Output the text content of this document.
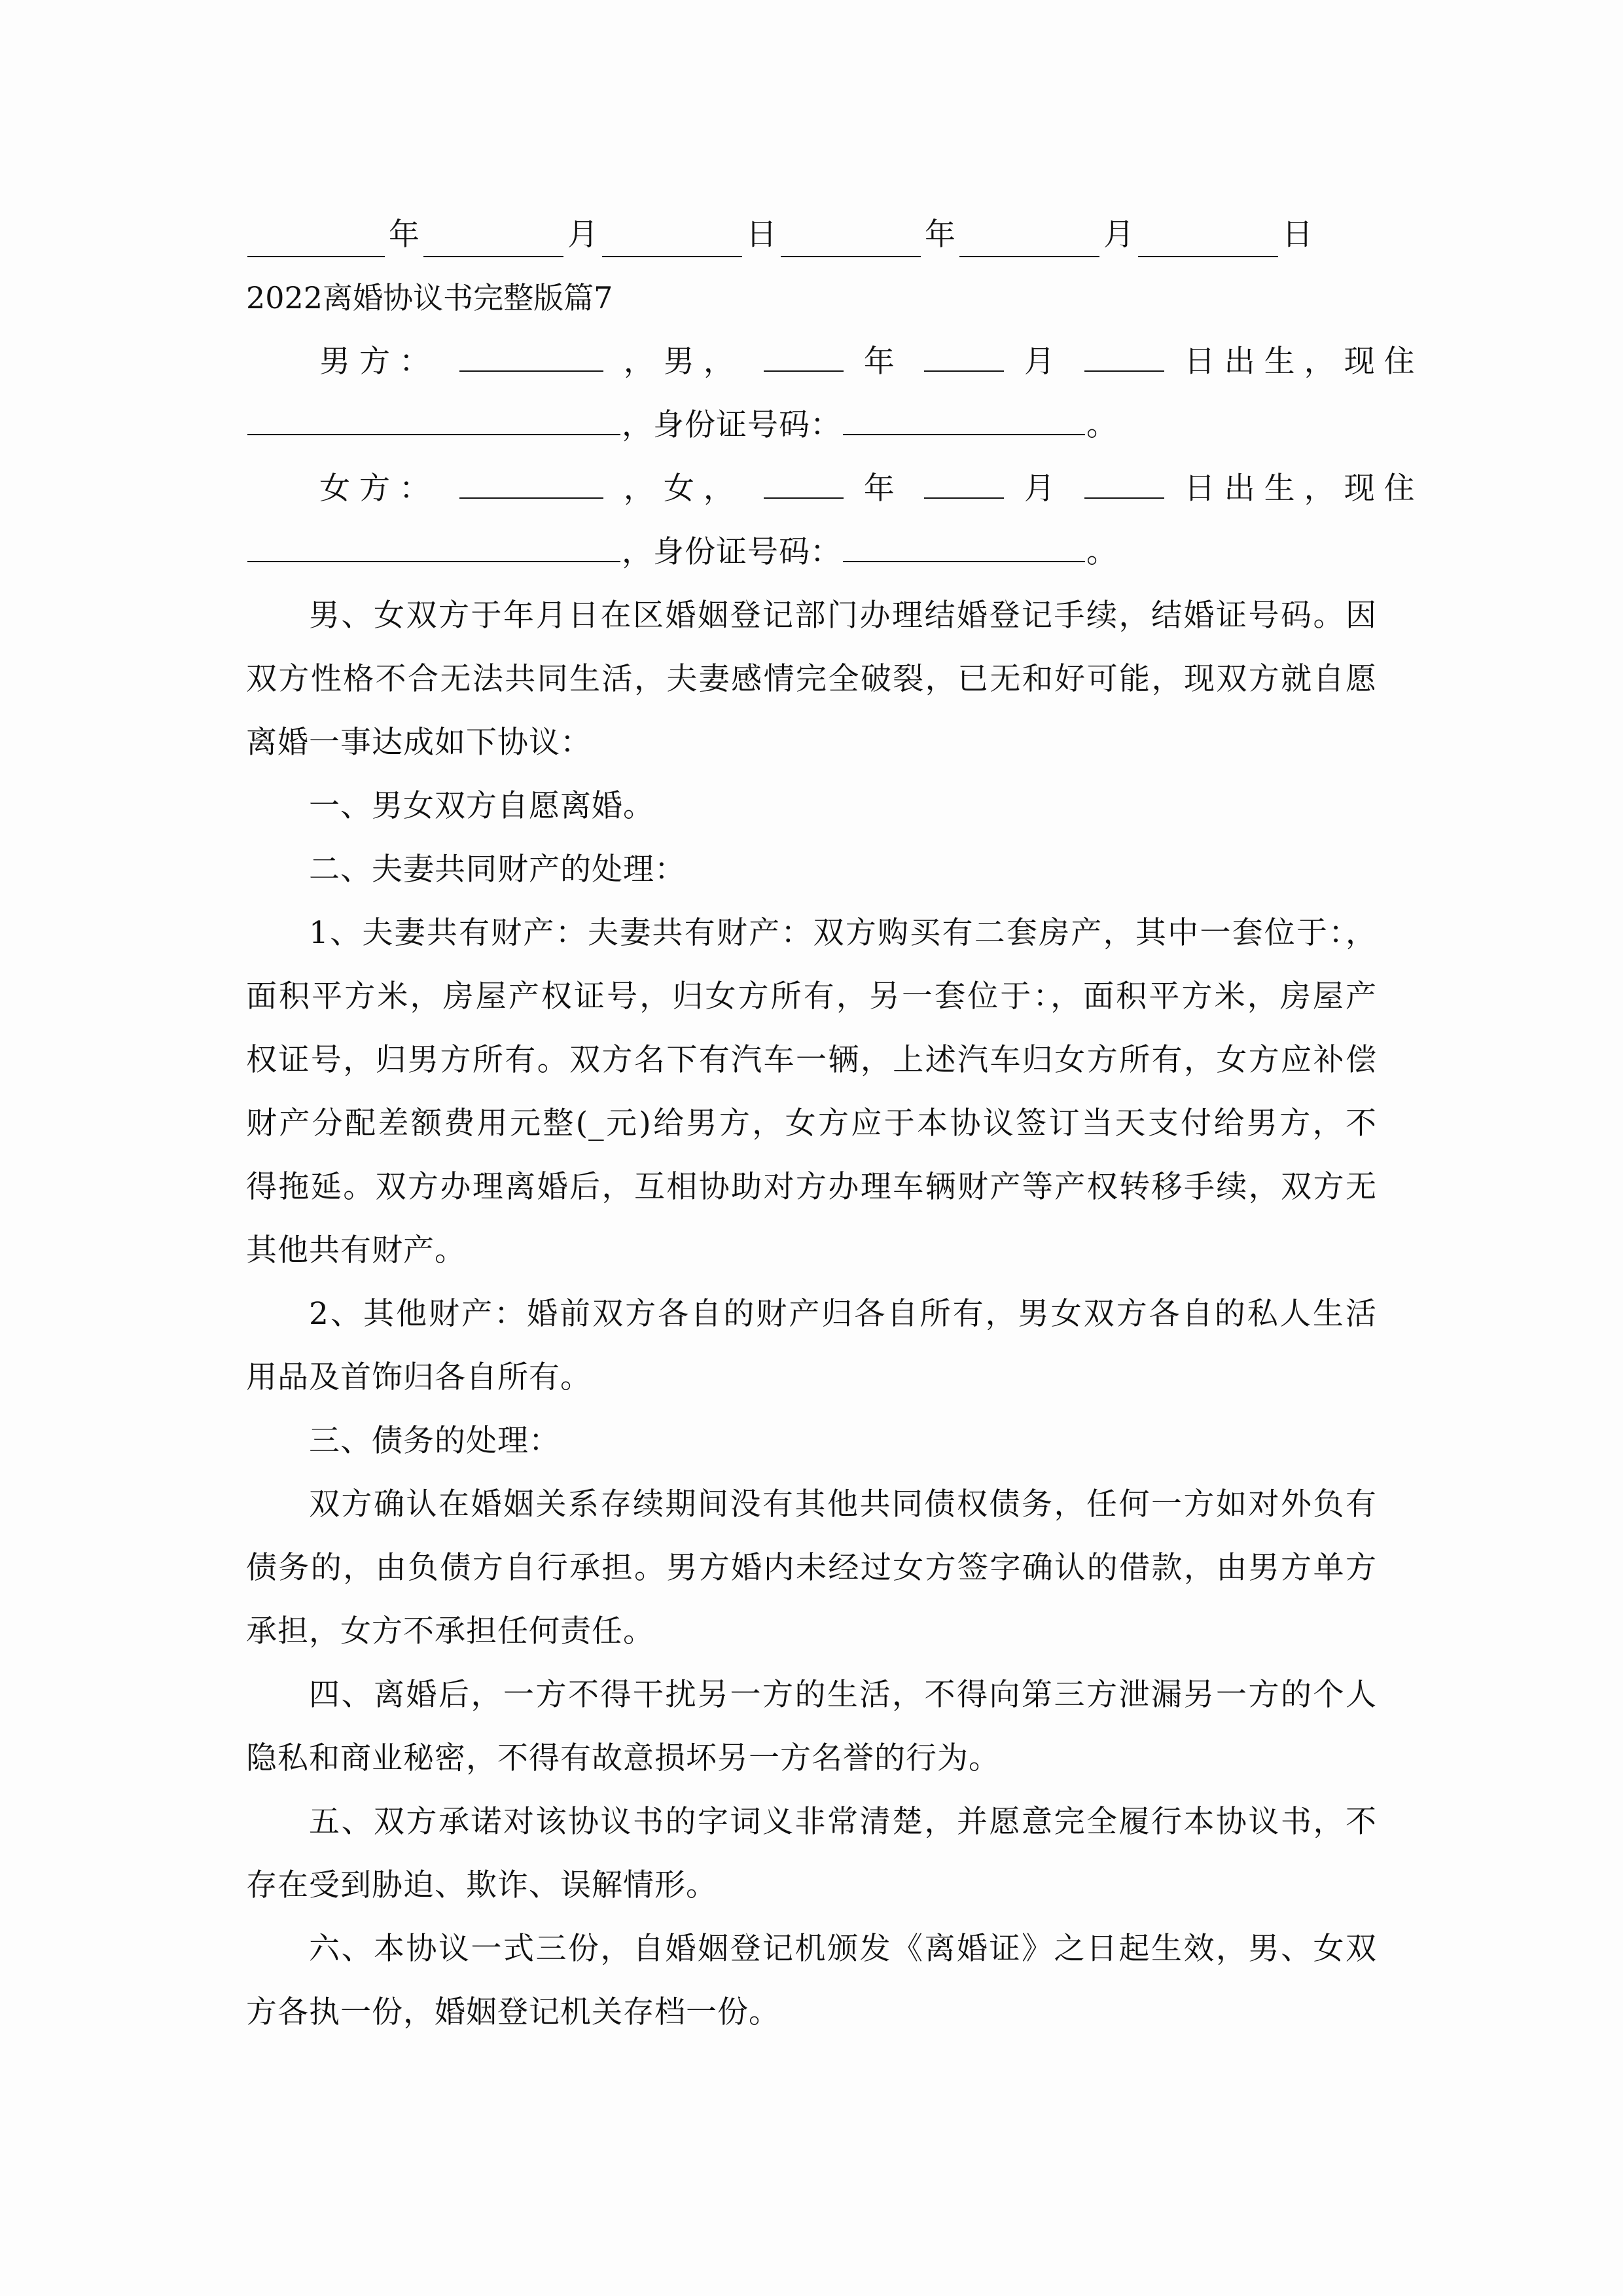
年	月	日	年	月	日
2022离婚协议书完整版篇7
男方：	，男，	年	月	日出生，现住
，身份证号码：	。
女方：	，女，	年	月	日出生，现住
，身份证号码：	。
男、女双方于年月日在区婚姻登记部门办理结婚登记手续，结婚证号码。因
双方性格不合无法共同生活，夫妻感情完全破裂，已无和好可能，现双方就自愿
离婚一事达成如下协议：
一、男女双方自愿离婚。
二、夫妻共同财产的处理：
1、夫妻共有财产：夫妻共有财产：双方购买有二套房产，其中一套位于：，
面积平方米，房屋产权证号，归女方所有，另一套位于：，面积平方米，房屋产
权证号，归男方所有。双方名下有汽车一辆，上述汽车归女方所有，女方应补偿
财产分配差额费用元整(_元)给男方，女方应于本协议签订当天支付给男方，不
得拖延。双方办理离婚后，互相协助对方办理车辆财产等产权转移手续，双方无
其他共有财产。
2、其他财产：婚前双方各自的财产归各自所有，男女双方各自的私人生活
用品及首饰归各自所有。
三、债务的处理：
双方确认在婚姻关系存续期间没有其他共同债权债务，任何一方如对外负有
债务的，由负债方自行承担。男方婚内未经过女方签字确认的借款，由男方单方
承担，女方不承担任何责任。
四、离婚后，一方不得干扰另一方的生活，不得向第三方泄漏另一方的个人
隐私和商业秘密，不得有故意损坏另一方名誉的行为。
五、双方承诺对该协议书的字词义非常清楚，并愿意完全履行本协议书，不
存在受到胁迫、欺诈、误解情形。
六、本协议一式三份，自婚姻登记机颁发《离婚证》之日起生效，男、女双
方各执一份，婚姻登记机关存档一份。
